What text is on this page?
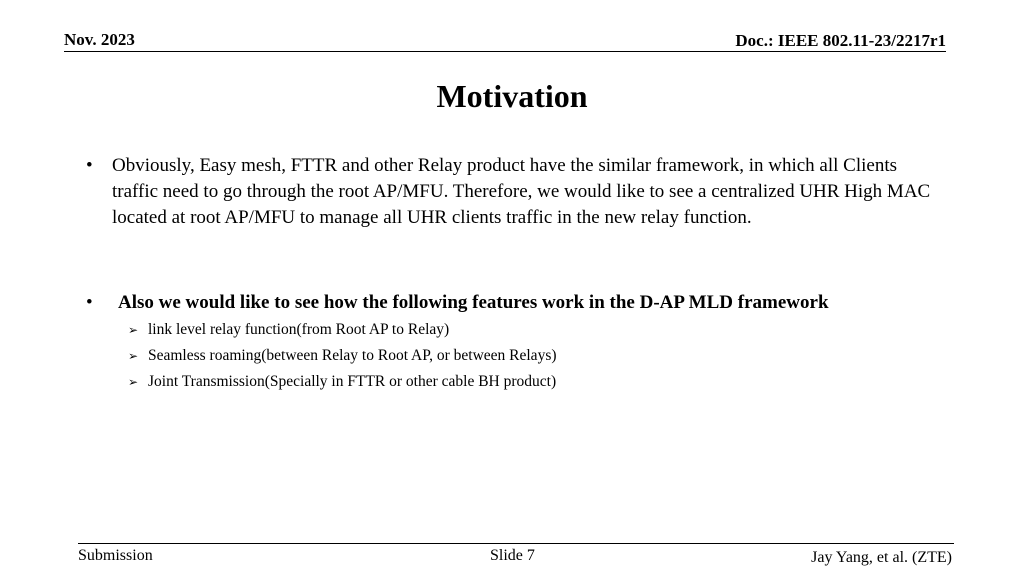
Nov. 2023	Doc.: IEEE 802.11-23/2217r1
Motivation
• Obviously, Easy mesh, FTTR and other Relay product have the similar framework, in which all Clients traffic need to go through the root AP/MFU. Therefore, we would like to see a centralized UHR High MAC located at root AP/MFU to manage all UHR clients traffic in the new relay function.
• Also we would like to see how the following features work in the D-AP MLD framework
➢ link level relay function(from Root AP to Relay)
➢ Seamless roaming(between Relay to Root AP, or between Relays)
➢ Joint Transmission(Specially in FTTR or other cable BH product)
Submission	Slide 7	Jay Yang, et al. (ZTE)
